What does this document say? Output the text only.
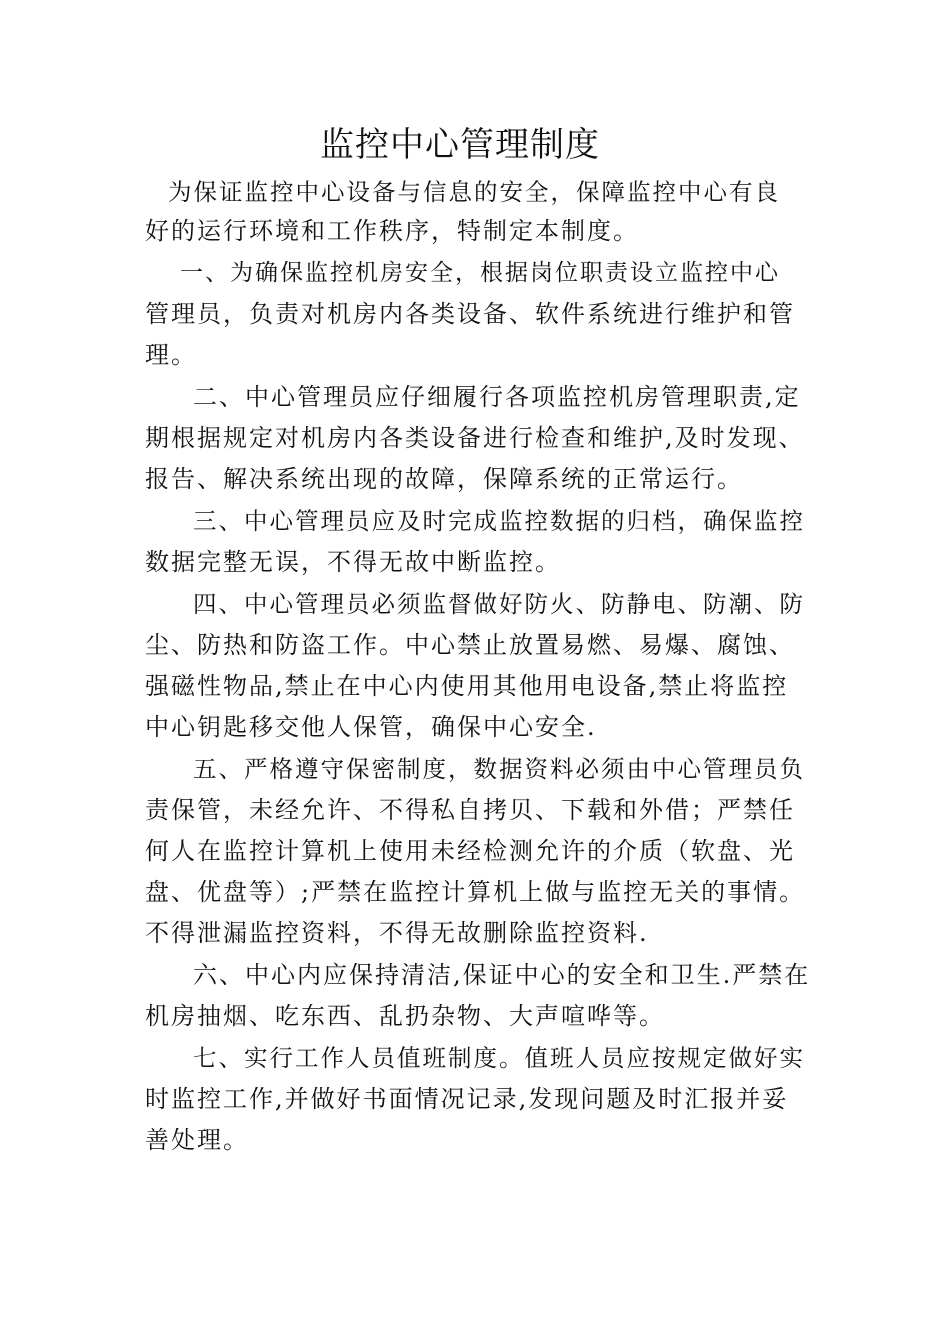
监控中心管理制度

为保证监控中心设备与信息的安全，保障监控中心有良

好的运行环境和工作秩序，特制定本制度。

一、为确保监控机房安全，根据岗位职责设立监控中心

管理员，负责对机房内各类设备、软件系统进行维护和管

理。

二、中心管理员应仔细履行各项监控机房管理职责,定

期根据规定对机房内各类设备进行检查和维护,及时发现、

报告、解决系统出现的故障，保障系统的正常运行。

三、中心管理员应及时完成监控数据的归档，确保监控

数据完整无误，不得无故中断监控。

四、中心管理员必须监督做好防火、防静电、防潮、防

尘、防热和防盗工作。中心禁止放置易燃、易爆、腐蚀、

强磁性物品,禁止在中心内使用其他用电设备,禁止将监控

中心钥匙移交他人保管，确保中心安全.

五、严格遵守保密制度，数据资料必须由中心管理员负

责保管，未经允许、不得私自拷贝、下载和外借；严禁任

何人在监控计算机上使用未经检测允许的介质（软盘、光

盘、优盘等）;严禁在监控计算机上做与监控无关的事情。

不得泄漏监控资料，不得无故删除监控资料.

六、中心内应保持清洁,保证中心的安全和卫生.严禁在

机房抽烟、吃东西、乱扔杂物、大声喧哗等。

七、实行工作人员值班制度。值班人员应按规定做好实

时监控工作,并做好书面情况记录,发现问题及时汇报并妥

善处理。
